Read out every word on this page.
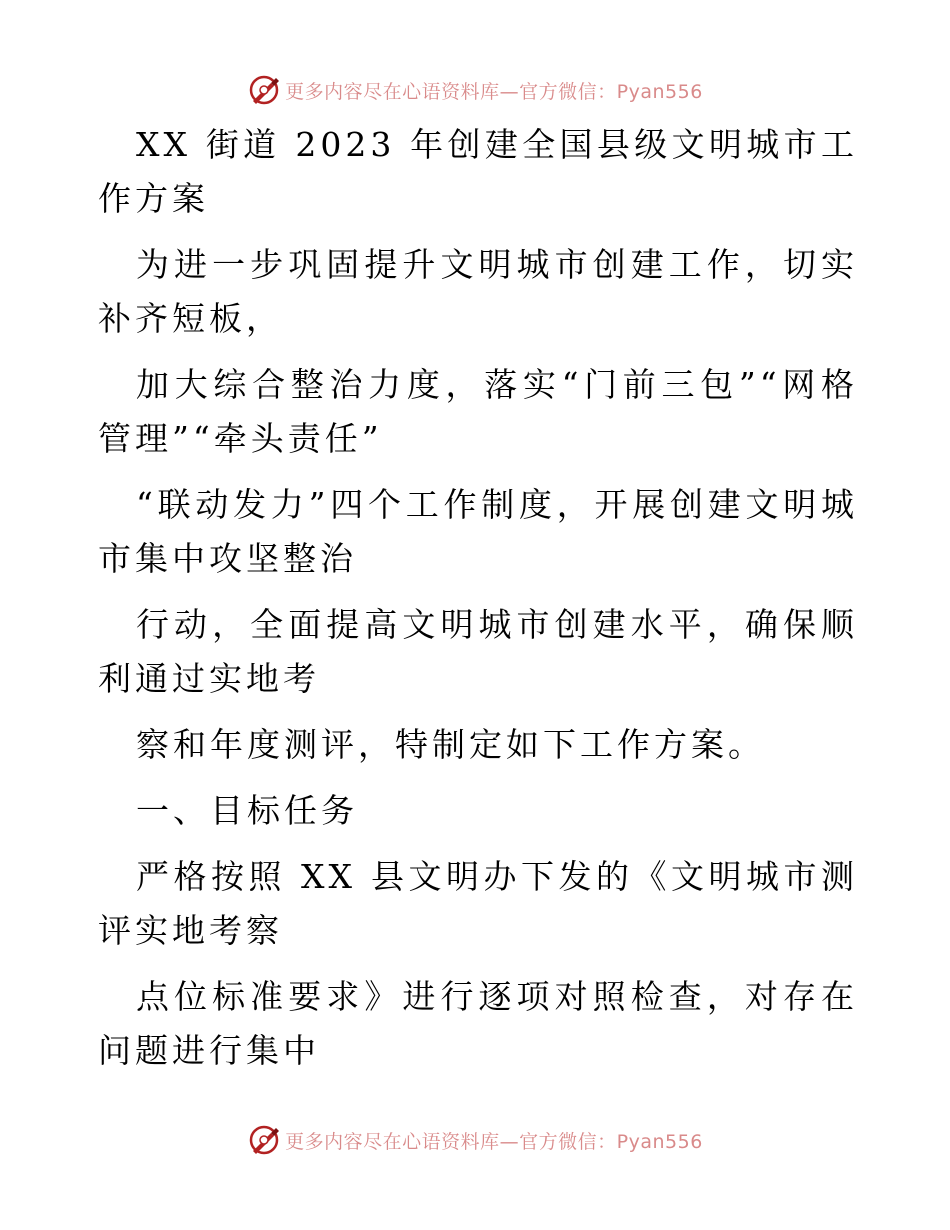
更多内容尽在心语资料库—官方微信：Pyan556

XX 街道 2023 年创建全国县级文明城市工作方案

为进一步巩固提升文明城市创建工作，切实补齐短板，

加大综合整治力度，落实“门前三包”“网格管理”“牵头责任”

“联动发力”四个工作制度，开展创建文明城市集中攻坚整治

行动，全面提高文明城市创建水平，确保顺利通过实地考

察和年度测评，特制定如下工作方案。

一、目标任务

严格按照 XX 县文明办下发的《文明城市测评实地考察

点位标准要求》进行逐项对照检查，对存在问题进行集中

更多内容尽在心语资料库—官方微信：Pyan556
